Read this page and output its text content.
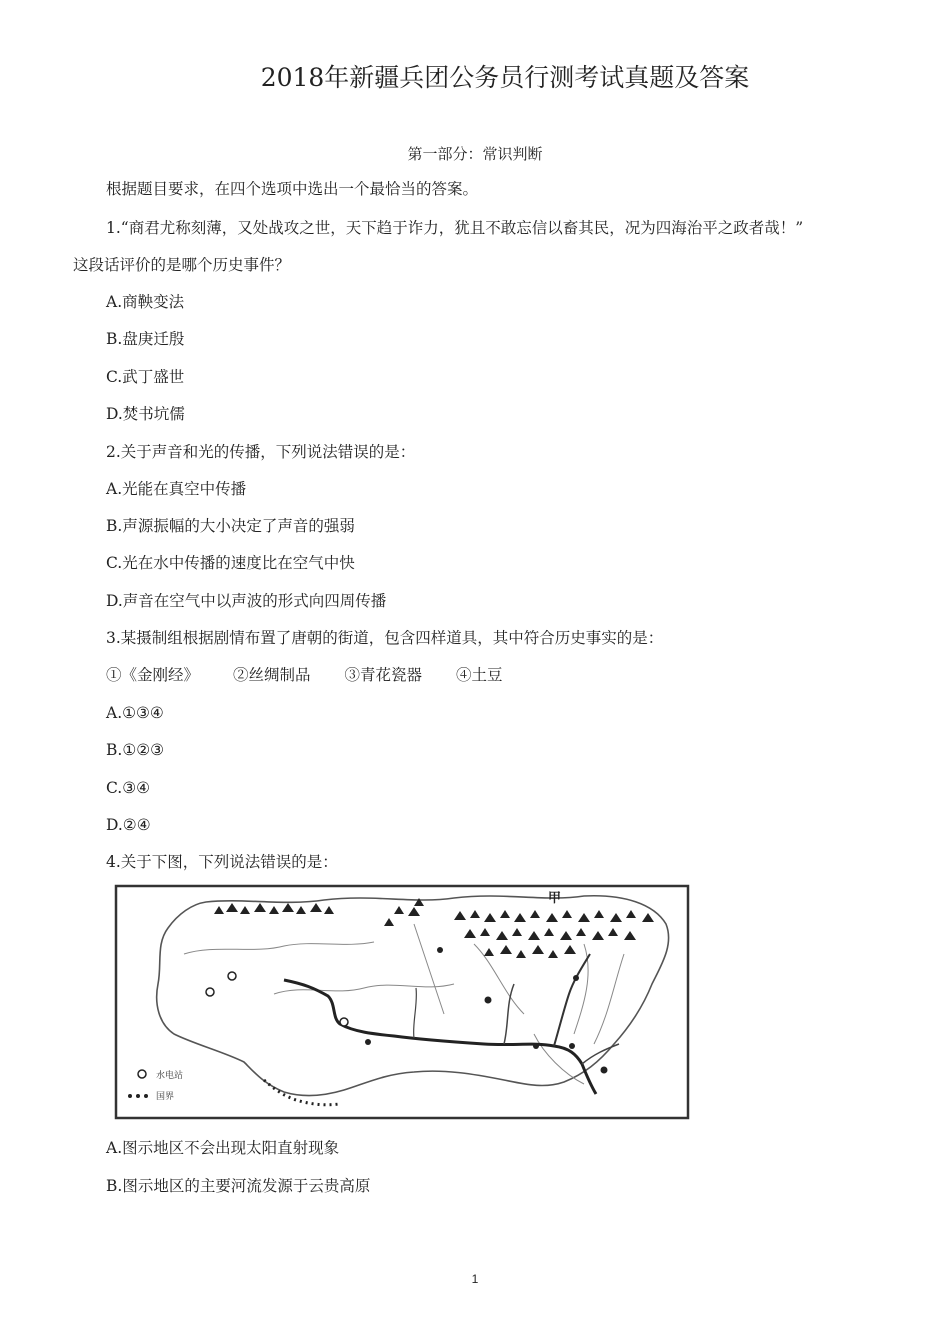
2018年新疆兵团公务员行测考试真题及答案
第一部分：常识判断
根据题目要求，在四个选项中选出一个最恰当的答案。
1.“商君尤称刻薄，又处战攻之世，天下趋于诈力，犹且不敢忘信以畜其民，况为四海治平之政者哉！”
这段话评价的是哪个历史事件？
A.商鞅变法
B.盘庚迁殷
C.武丁盛世
D.焚书坑儒
2.关于声音和光的传播，下列说法错误的是：
A.光能在真空中传播
B.声源振幅的大小决定了声音的强弱
C.光在水中传播的速度比在空气中快
D.声音在空气中以声波的形式向四周传播
3.某摄制组根据剧情布置了唐朝的街道，包含四样道具，其中符合历史事实的是：
①《金刚经》 ②丝绸制品 ③青花瓷器 ④土豆
A.①③④
B.①②③
C.③④
D.②④
4.关于下图，下列说法错误的是：
甲
水电站
国界
A.图示地区不会出现太阳直射现象
B.图示地区的主要河流发源于云贵高原
1
